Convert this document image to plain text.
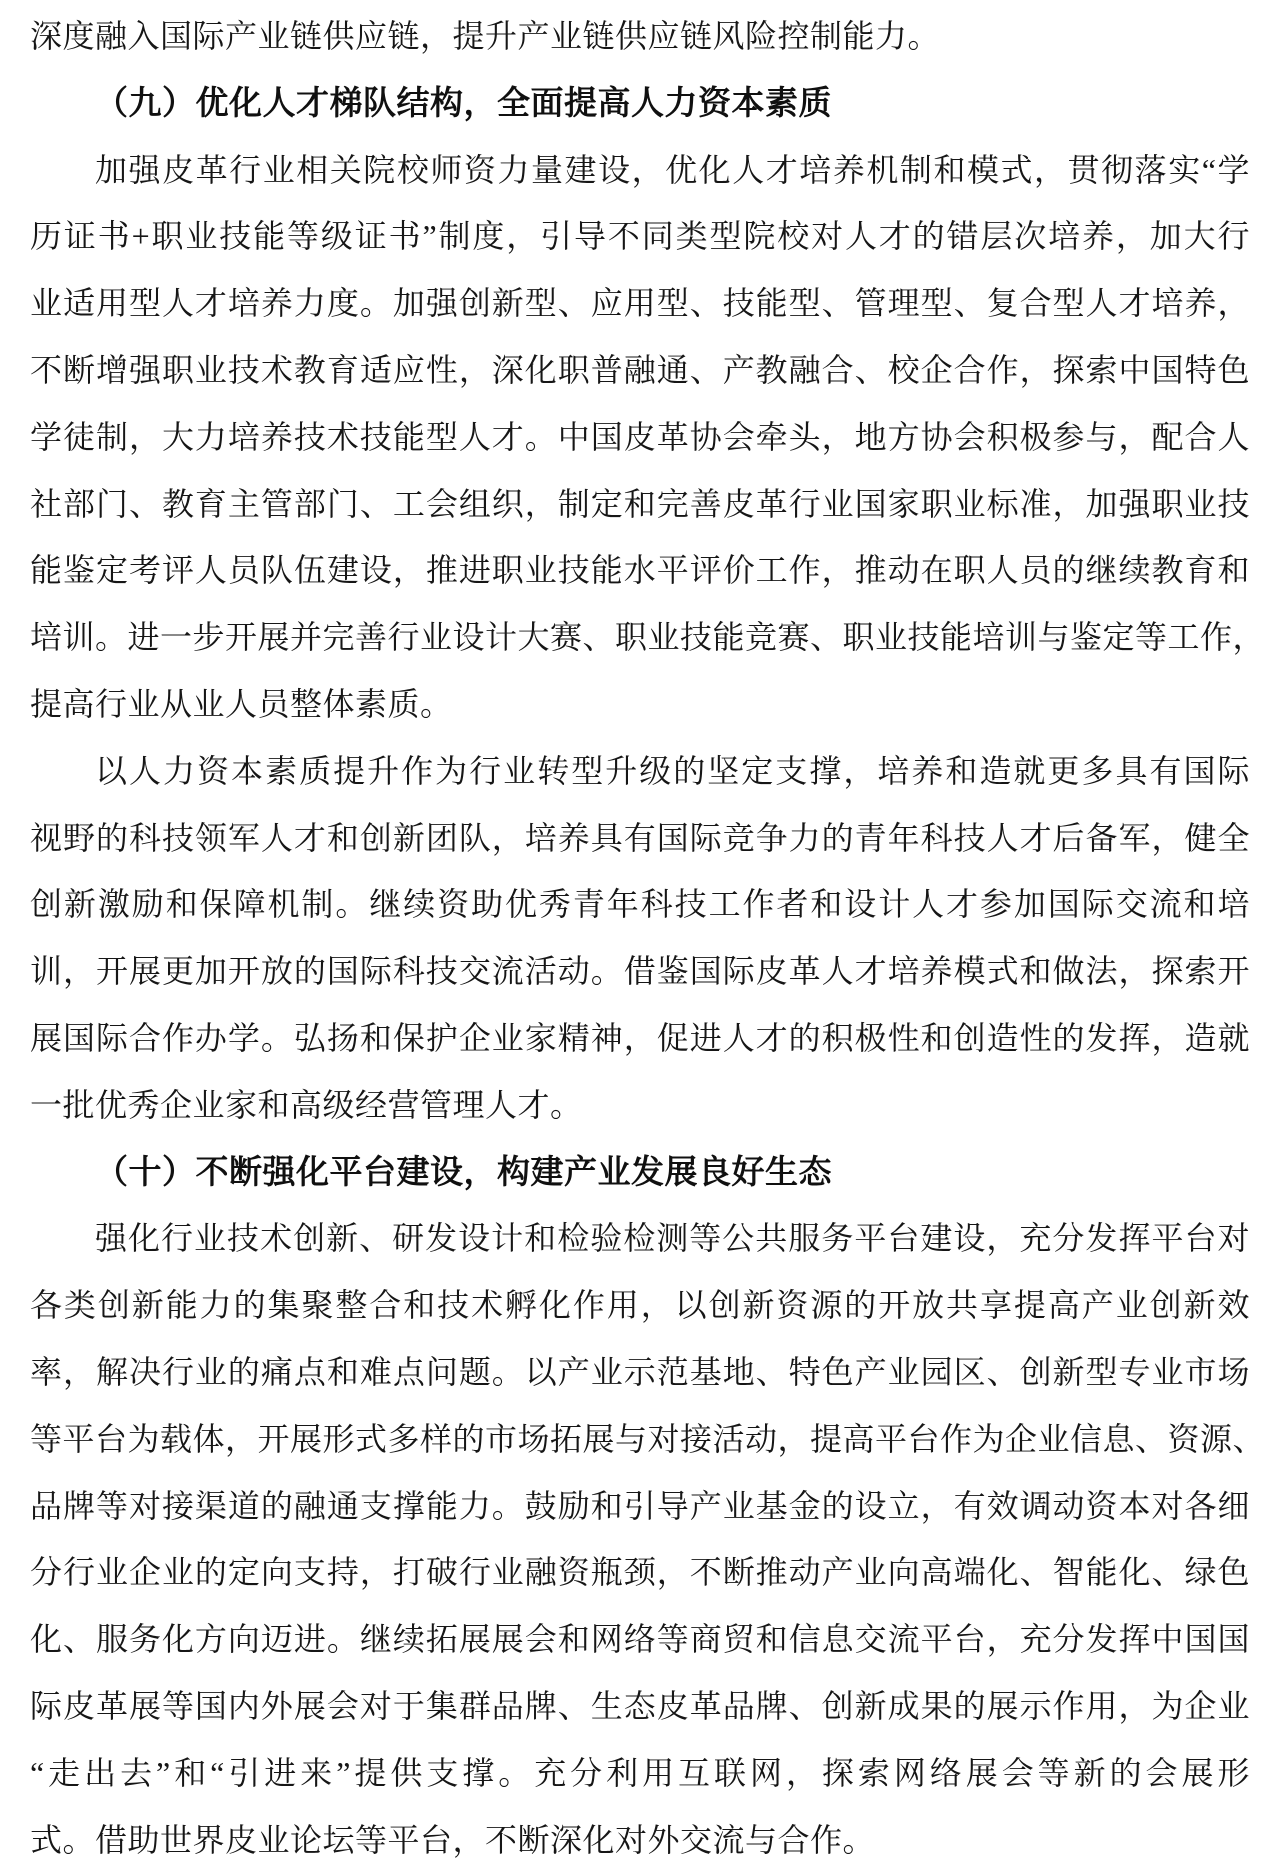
深度融入国际产业链供应链，提升产业链供应链风险控制能力。
（九）优化人才梯队结构，全面提高人力资本素质
加强皮革行业相关院校师资力量建设，优化人才培养机制和模式，贯彻落实“学
历证书+职业技能等级证书”制度，引导不同类型院校对人才的错层次培养，加大行
业适用型人才培养力度。加强创新型、应用型、技能型、管理型、复合型人才培养，
不断增强职业技术教育适应性，深化职普融通、产教融合、校企合作，探索中国特色
学徒制，大力培养技术技能型人才。中国皮革协会牵头，地方协会积极参与，配合人
社部门、教育主管部门、工会组织，制定和完善皮革行业国家职业标准，加强职业技
能鉴定考评人员队伍建设，推进职业技能水平评价工作，推动在职人员的继续教育和
培训。进一步开展并完善行业设计大赛、职业技能竞赛、职业技能培训与鉴定等工作，
提高行业从业人员整体素质。
以人力资本素质提升作为行业转型升级的坚定支撑，培养和造就更多具有国际
视野的科技领军人才和创新团队，培养具有国际竞争力的青年科技人才后备军，健全
创新激励和保障机制。继续资助优秀青年科技工作者和设计人才参加国际交流和培
训，开展更加开放的国际科技交流活动。借鉴国际皮革人才培养模式和做法，探索开
展国际合作办学。弘扬和保护企业家精神，促进人才的积极性和创造性的发挥，造就
一批优秀企业家和高级经营管理人才。
（十）不断强化平台建设，构建产业发展良好生态
强化行业技术创新、研发设计和检验检测等公共服务平台建设，充分发挥平台对
各类创新能力的集聚整合和技术孵化作用，以创新资源的开放共享提高产业创新效
率，解决行业的痛点和难点问题。以产业示范基地、特色产业园区、创新型专业市场
等平台为载体，开展形式多样的市场拓展与对接活动，提高平台作为企业信息、资源、
品牌等对接渠道的融通支撑能力。鼓励和引导产业基金的设立，有效调动资本对各细
分行业企业的定向支持，打破行业融资瓶颈，不断推动产业向高端化、智能化、绿色
化、服务化方向迈进。继续拓展展会和网络等商贸和信息交流平台，充分发挥中国国
际皮革展等国内外展会对于集群品牌、生态皮革品牌、创新成果的展示作用，为企业
“走出去”和“引进来”提供支撑。充分利用互联网，探索网络展会等新的会展形
式。借助世界皮业论坛等平台，不断深化对外交流与合作。
